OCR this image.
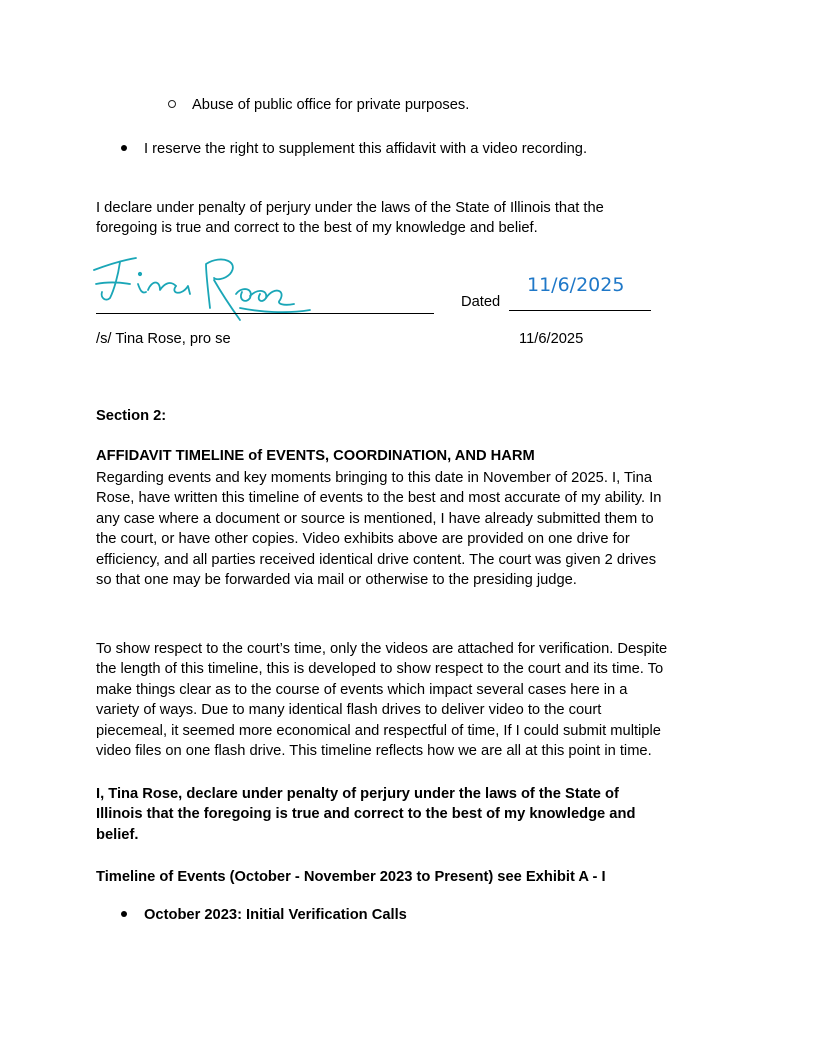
Abuse of public office for private purposes.
I reserve the right to supplement this affidavit with a video recording.
I declare under penalty of perjury under the laws of the State of Illinois that the
foregoing is true and correct to the best of my knowledge and belief.
Dated
11/6/2025
/s/ Tina Rose, pro se	11/6/2025
Section 2:
AFFIDAVIT TIMELINE of EVENTS, COORDINATION, AND HARM
Regarding events and key moments bringing to this date in November of 2025. I, Tina
Rose, have written this timeline of events to the best and most accurate of my ability. In
any case where a document or source is mentioned, I have already submitted them to
the court, or have other copies. Video exhibits above are provided on one drive for
efficiency, and all parties received identical drive content. The court was given 2 drives
so that one may be forwarded via mail or otherwise to the presiding judge.
To show respect to the court’s time, only the videos are attached for verification. Despite
the length of this timeline, this is developed to show respect to the court and its time. To
make things clear as to the course of events which impact several cases here in a
variety of ways. Due to many identical flash drives to deliver video to the court
piecemeal, it seemed more economical and respectful of time, If I could submit multiple
video files on one flash drive. This timeline reflects how we are all at this point in time.
I, Tina Rose, declare under penalty of perjury under the laws of the State of
Illinois that the foregoing is true and correct to the best of my knowledge and
belief.
Timeline of Events (October - November 2023 to Present) see Exhibit A - I
October 2023: Initial Verification Calls
